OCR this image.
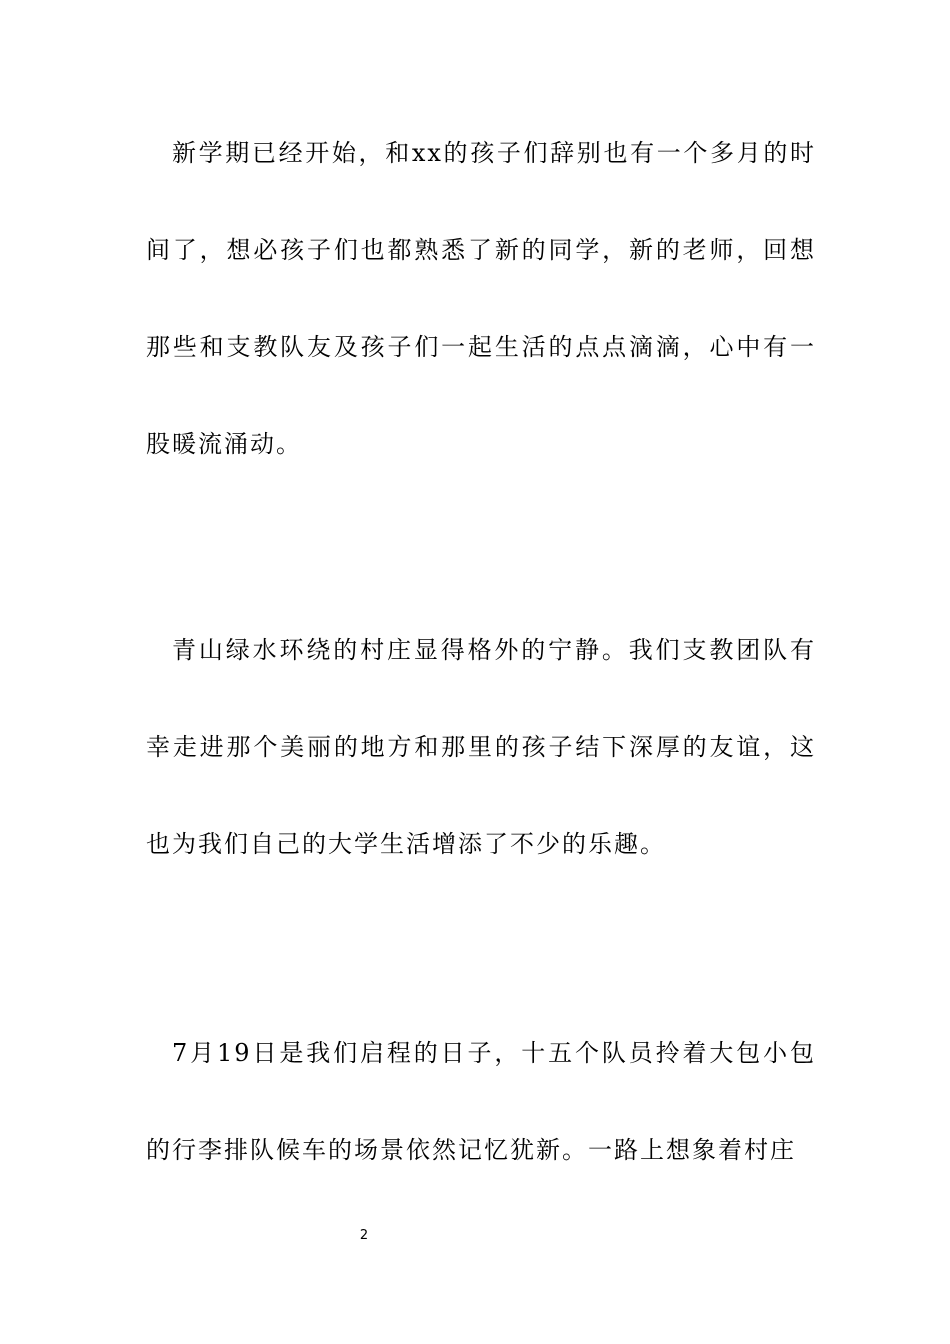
新学期已经开始，和xx的孩子们辞别也有一个多月的时间了，想必孩子们也都熟悉了新的同学，新的老师，回想那些和支教队友及孩子们一起生活的点点滴滴，心中有一股暖流涌动。

青山绿水环绕的村庄显得格外的宁静。我们支教团队有幸走进那个美丽的地方和那里的孩子结下深厚的友谊，这也为我们自己的大学生活增添了不少的乐趣。

7月19日是我们启程的日子，十五个队员拎着大包小包的行李排队候车的场景依然记忆犹新。一路上想象着村庄

2
